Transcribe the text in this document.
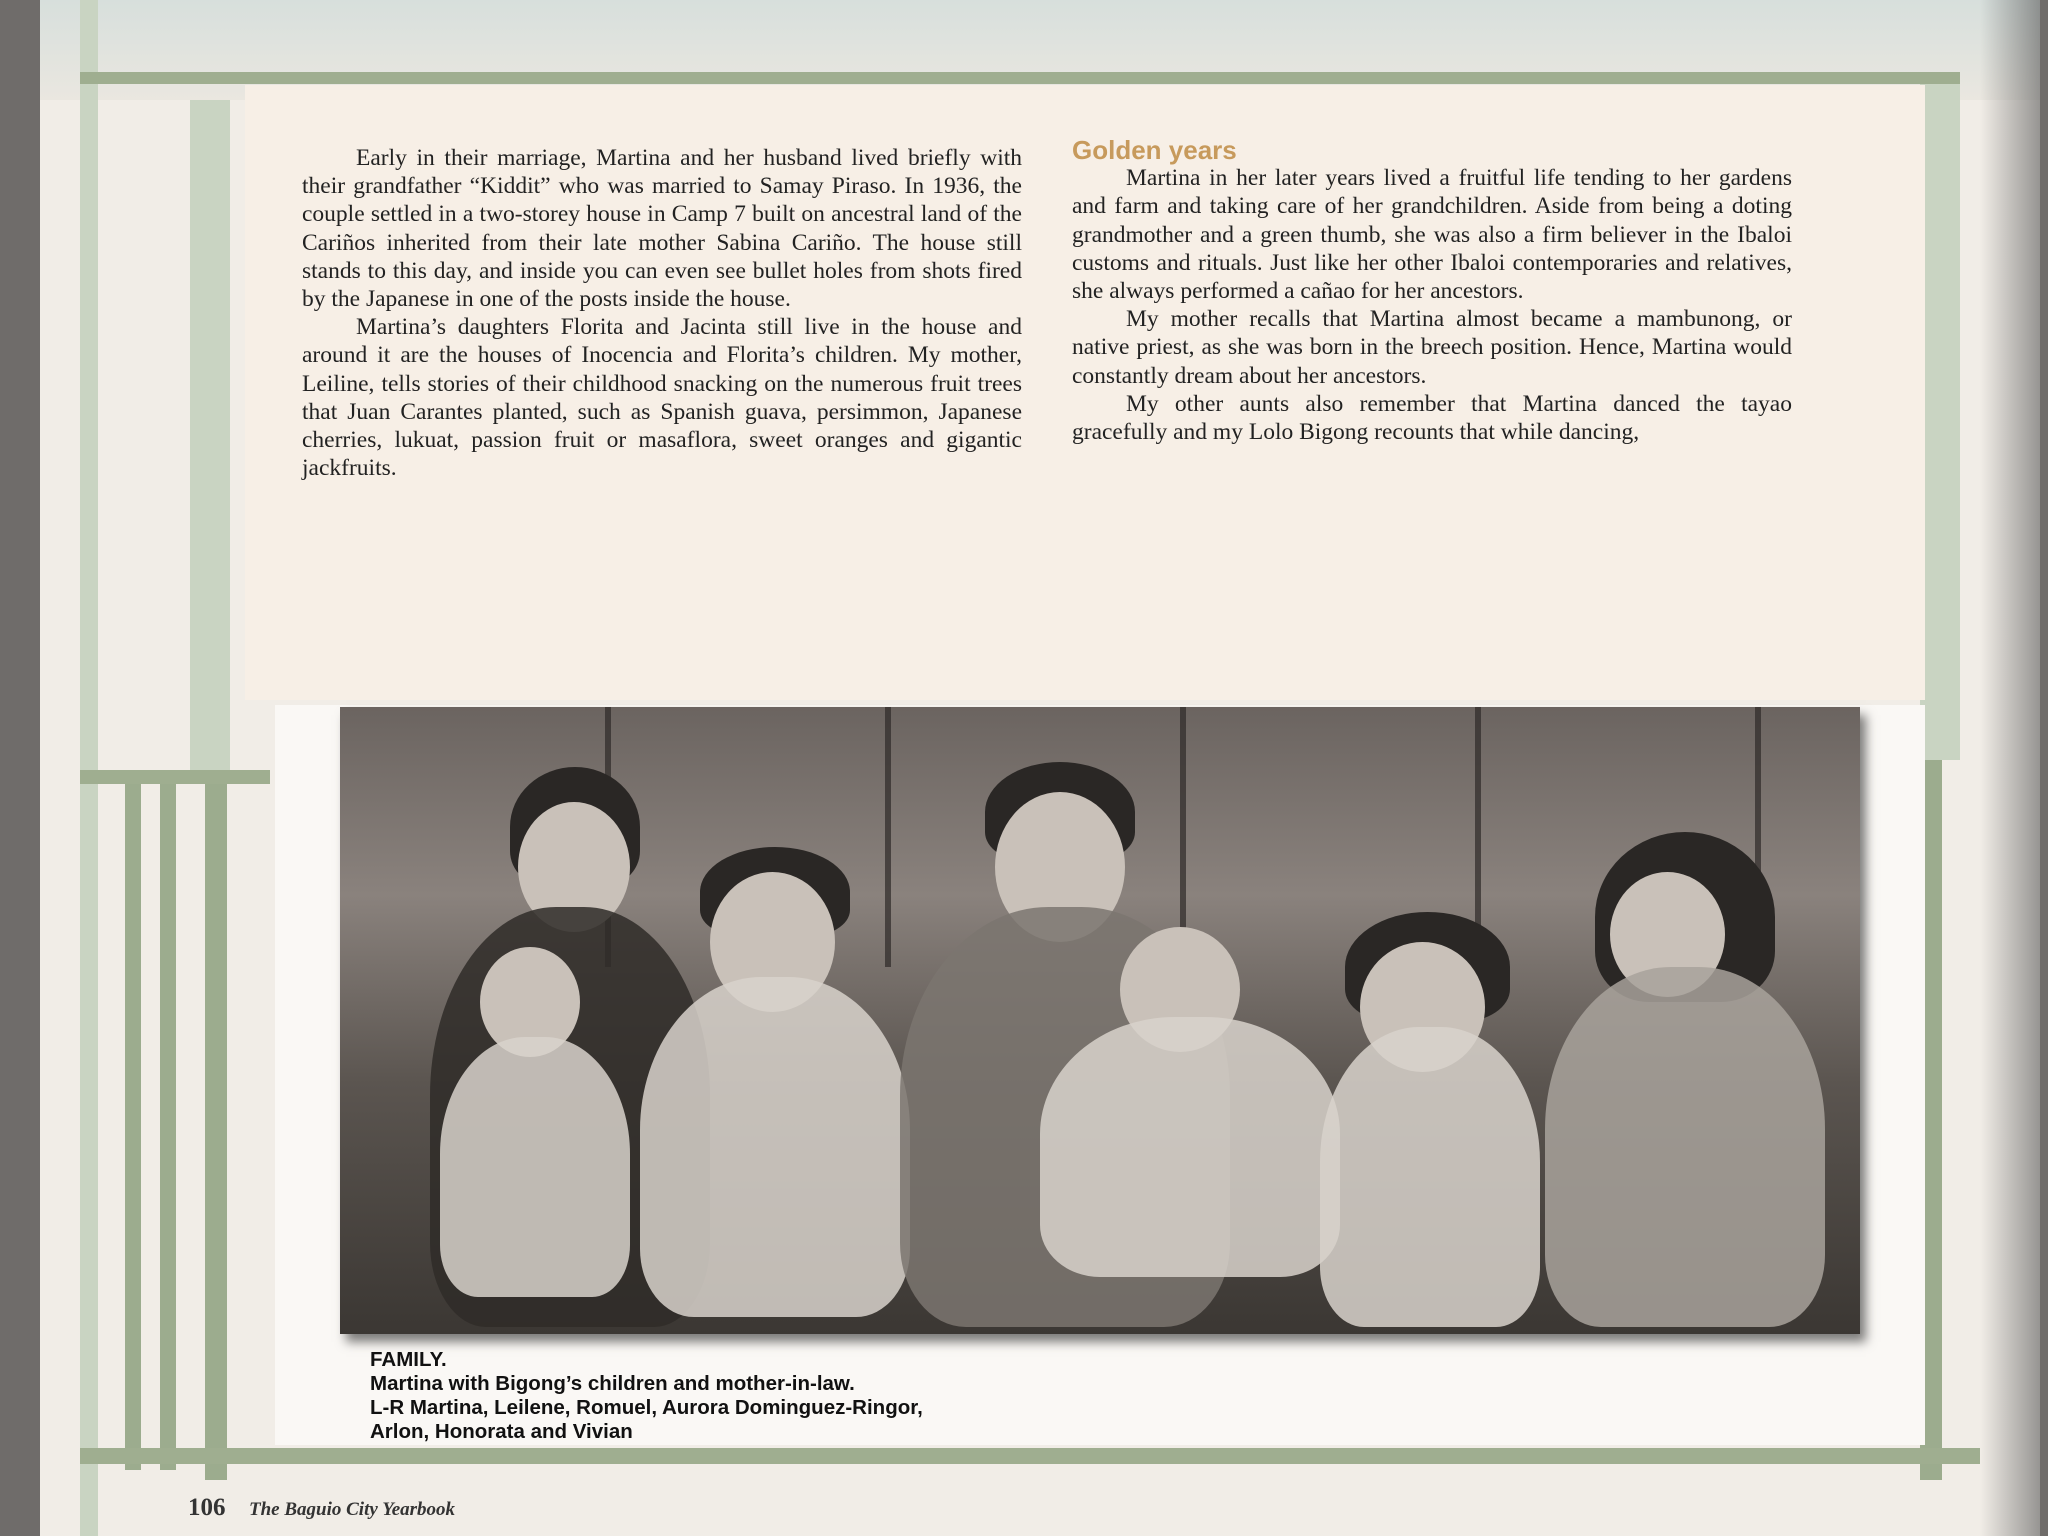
Early in their marriage, Martina and her husband lived briefly with their grandfather “Kiddit” who was married to Samay Piraso. In 1936, the couple settled in a two-storey house in Camp 7 built on ancestral land of the Cariños inherited from their late mother Sabina Cariño. The house still stands to this day, and inside you can even see bullet holes from shots fired by the Japanese in one of the posts inside the house.

Martina’s daughters Florita and Jacinta still live in the house and around it are the houses of Inocencia and Florita’s children. My mother, Leiline, tells stories of their childhood snacking on the numerous fruit trees that Juan Carantes planted, such as Spanish guava, persimmon, Japanese cherries, lukuat, passion fruit or masaflora, sweet oranges and gigantic jackfruits.

Golden years

Martina in her later years lived a fruitful life tending to her gardens and farm and taking care of her grandchildren. Aside from being a doting grandmother and a green thumb, she was also a firm believer in the Ibaloi customs and rituals. Just like her other Ibaloi contemporaries and relatives, she always performed a cañao for her ancestors.

My mother recalls that Martina almost became a mambunong, or native priest, as she was born in the breech position. Hence, Martina would constantly dream about her ancestors.

My other aunts also remember that Martina danced the tayao gracefully and my Lolo Bigong recounts that while dancing,

FAMILY.
Martina with Bigong’s children and mother-in-law.
L-R Martina, Leilene, Romuel, Aurora Dominguez-Ringor,
Arlon, Honorata and Vivian
106 The Baguio City Yearbook
